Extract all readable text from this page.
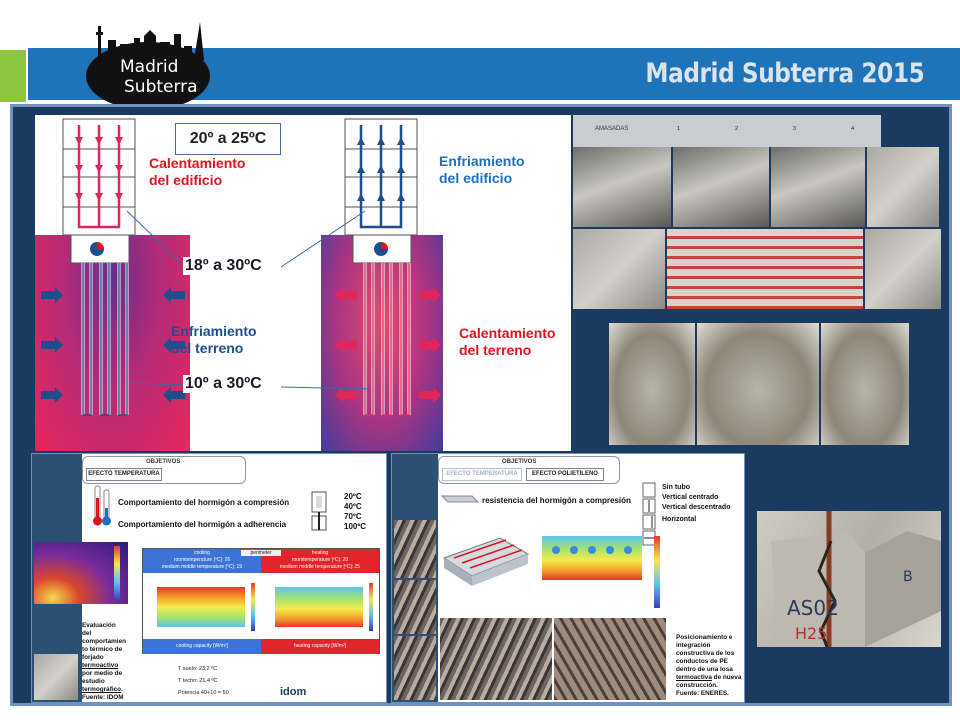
Madrid Subterra 2015
Madrid
Subterra
20º a 25ºC
18º a 30ºC
10º a 30ºC
Calentamiento
del edificio
Enfriamiento
del terreno
Enfriamiento
del edificio
Calentamiento
del terreno
AMASADAS	1	2	3	4
OBJETIVOS
EFECTO TEMPERATURA
Comportamiento del hormigón a compresión
Comportamiento del hormigón a adherencia
20ºC
40ºC
70ºC
100ºC
Evaluación del comportamien to térmico de forjado termoactivo por medio de estudio termográfico. Fuente: IDOM
cooling
roomtemperature [ºC]: 26
medium middle temperature [ºC]: 19
heating
roomtemperature [ºC]: 20
medium middle temperature [ºC]: 25
perimeter
cooling capacity [W/m²]	heating capacity [W/m²]
T suelo: 23,2 ºC
T techo: 21,4 ºC
Potencia 40+10 = 50	idom
OBJETIVOS
EFECTO TEMPERATURA	EFECTO POLIETILENO
resistencia del hormigón a compresión
Sin tubo
Vertical centrado
Vertical descentrado
Horizontal
Posicionamiento e integración constructiva de los conductos de PE dentro de una losa termoactiva de nueva construcción. Fuente: ENERES.
AS02
H25
B
